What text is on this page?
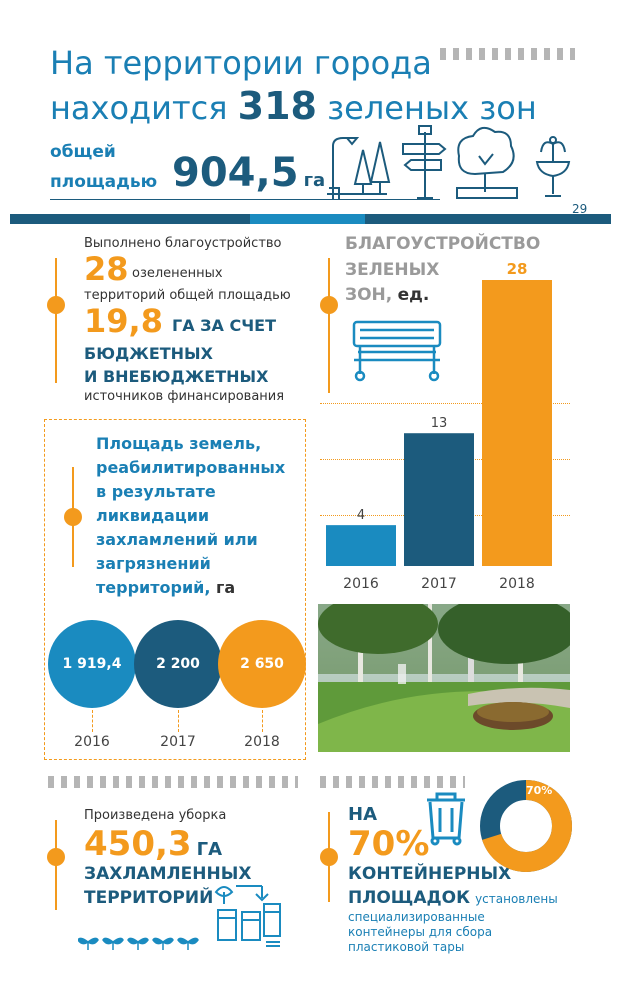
На территории города
находится 318 зеленых зон
общей
площадью 904,5 га
29
Выполнено благоустройство
28 озелененных
территорий общей площадью
19,8 ГА ЗА СЧЕТ
БЮДЖЕТНЫХ
И ВНЕБЮДЖЕТНЫХ
источников финансирования
БЛАГОУСТРОЙСТВО
ЗЕЛЕНЫХ
ЗОН, ед.
4
2016
13
2017
28
2018
Площадь земель,
реабилитированных
в результате
ликвидации
захламлений или
загрязнений
территорий, га
1 919,4	2 200	2 650
2016	2017	2018
Произведена уборка
450,3 ГА
ЗАХЛАМЛЕННЫХ
ТЕРРИТОРИЙ
НА
70%
КОНТЕЙНЕРНЫХ
ПЛОЩАДОК установлены
специализированные
контейнеры для сбора
пластиковой тары
70%
